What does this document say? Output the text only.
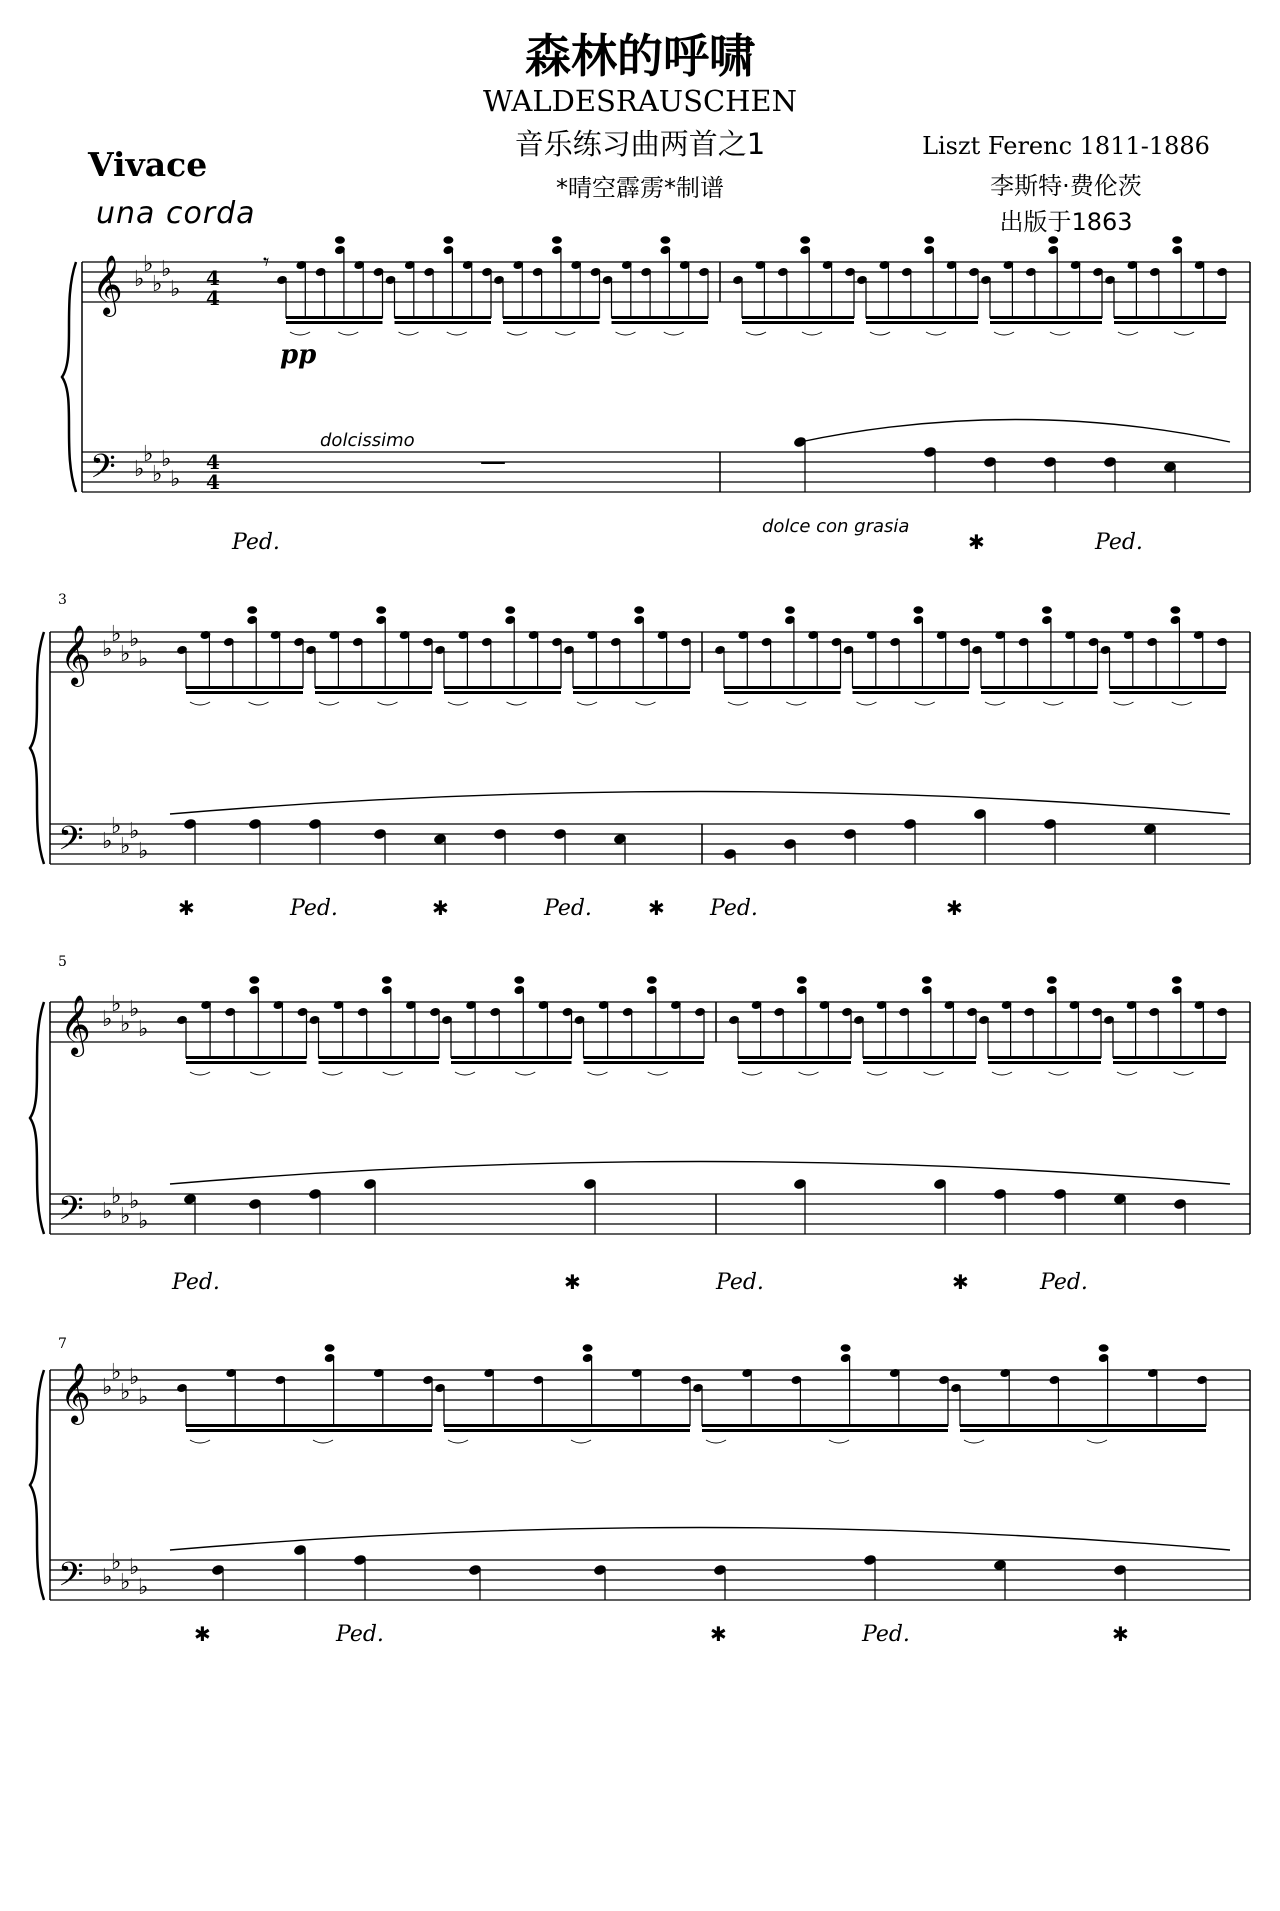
森林的呼啸
WALDESRAUSCHEN
音乐练习曲两首之1
*晴空霹雳*制谱
Liszt Ferenc 1811-1886
李斯特·费伦茨
出版于1863
Vivace
una corda
pp
dolcissimo
dolce con grasia
3
5
7
Ped.	Ped.
Ped.	Ped.	Ped.
Ped.	Ped.	Ped.
Ped.	Ped.
✱
✱	✱	✱	✱
✱	✱
✱	✱	✱
4
4
4
4
𝄞
𝄢
♭
♭
♭
♭
♭
♭
♭
♭
♭
♭
𝄾
—
𝄞
𝄢
♭
♭
♭
♭
♭
♭
♭
♭
♭
♭
𝄞
𝄢
♭
♭
♭
♭
♭
♭
♭
♭
♭
♭
𝄞
𝄢
♭
♭
♭
♭
♭
♭
♭
♭
♭
♭
